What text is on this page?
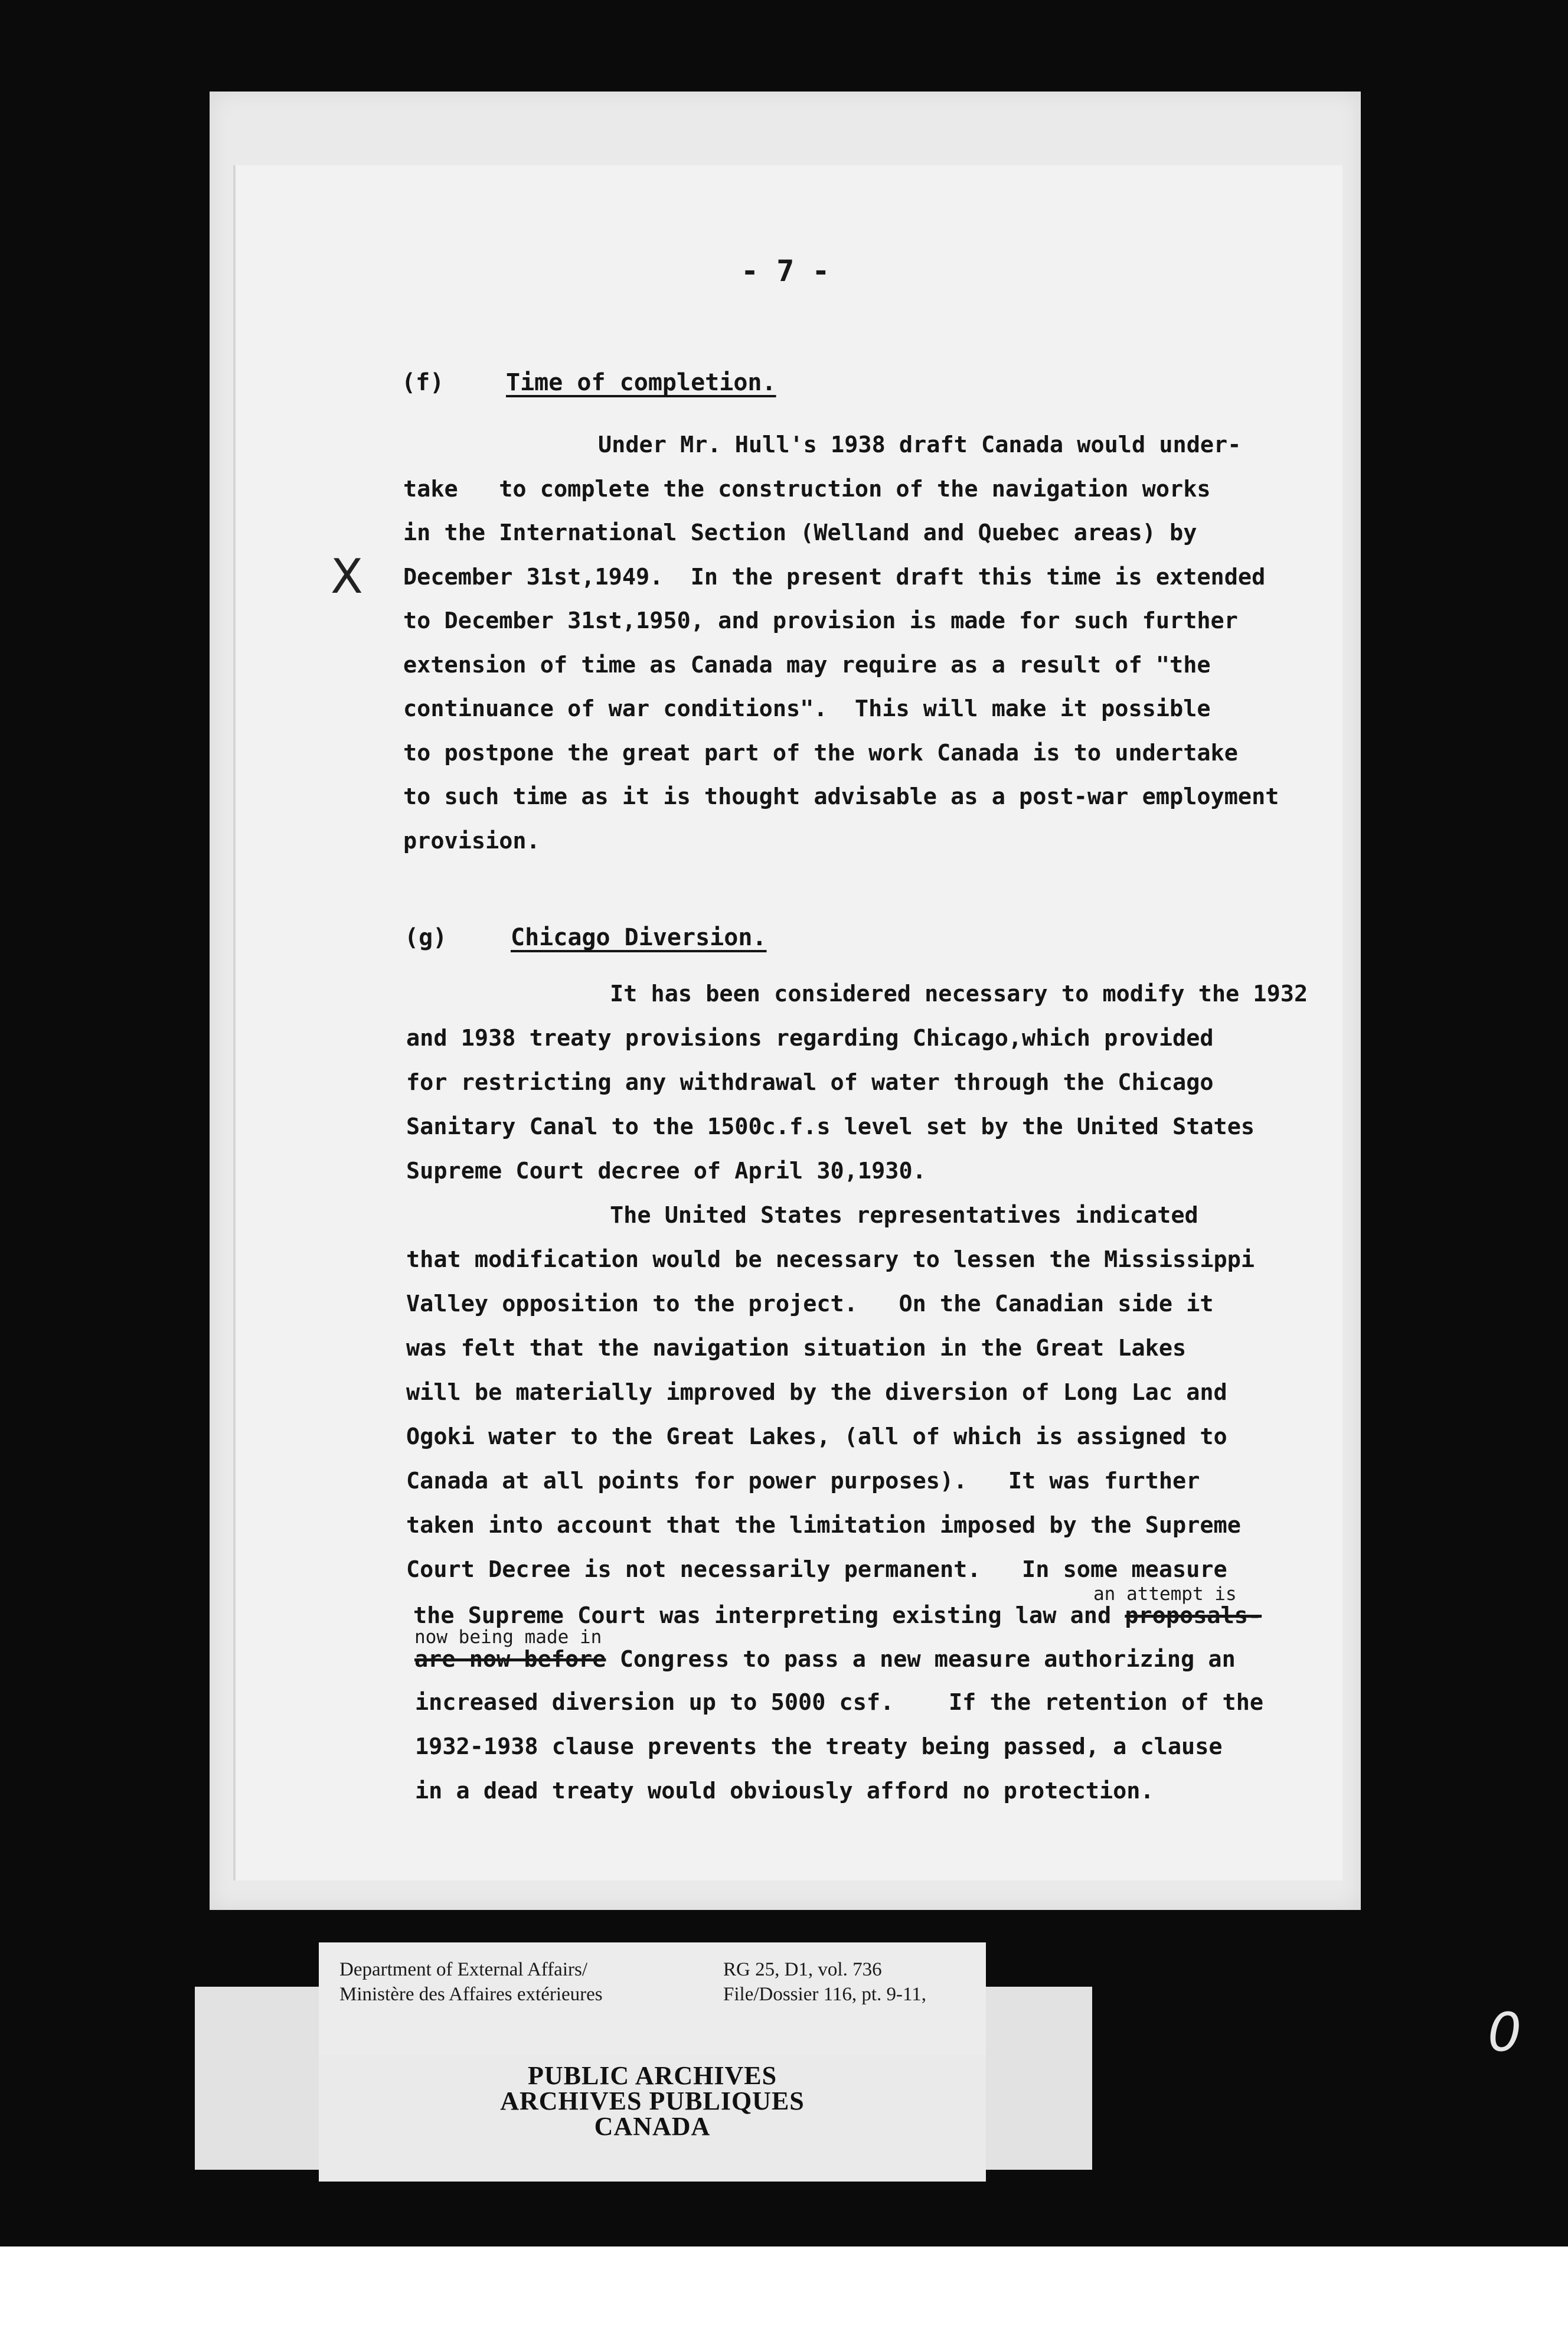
- 7 -
(f)	Time of completion.
Under Mr. Hull's 1938 draft Canada would under-
take   to complete the construction of the navigation works
in the International Section (Welland and Quebec areas) by
December 31st,1949.  In the present draft this time is extended
to December 31st,1950, and provision is made for such further
extension of time as Canada may require as a result of "the
continuance of war conditions".  This will make it possible
to postpone the great part of the work Canada is to undertake
to such time as it is thought advisable as a post-war employment
provision.
X
(g)	Chicago Diversion.
It has been considered necessary to modify the 1932
and 1938 treaty provisions regarding Chicago,which provided
for restricting any withdrawal of water through the Chicago
Sanitary Canal to the 1500c.f.s level set by the United States
Supreme Court decree of April 30,1930.
The United States representatives indicated
that modification would be necessary to lessen the Mississippi
Valley opposition to the project.   On the Canadian side it
was felt that the navigation situation in the Great Lakes
will be materially improved by the diversion of Long Lac and
Ogoki water to the Great Lakes, (all of which is assigned to
Canada at all points for power purposes).   It was further
taken into account that the limitation imposed by the Supreme
Court Decree is not necessarily permanent.   In some measure
an attempt is
the Supreme Court was interpreting existing law and proposals-
now being made in
are now before Congress to pass a new measure authorizing an
increased diversion up to 5000 csf.    If the retention of the
1932-1938 clause prevents the treaty being passed, a clause
in a dead treaty would obviously afford no protection.
Department of External Affairs/
Ministère des Affaires extérieures
RG 25, D1, vol. 736
File/Dossier 116, pt. 9-11,
PUBLIC ARCHIVES
ARCHIVES PUBLIQUES
CANADA
0
